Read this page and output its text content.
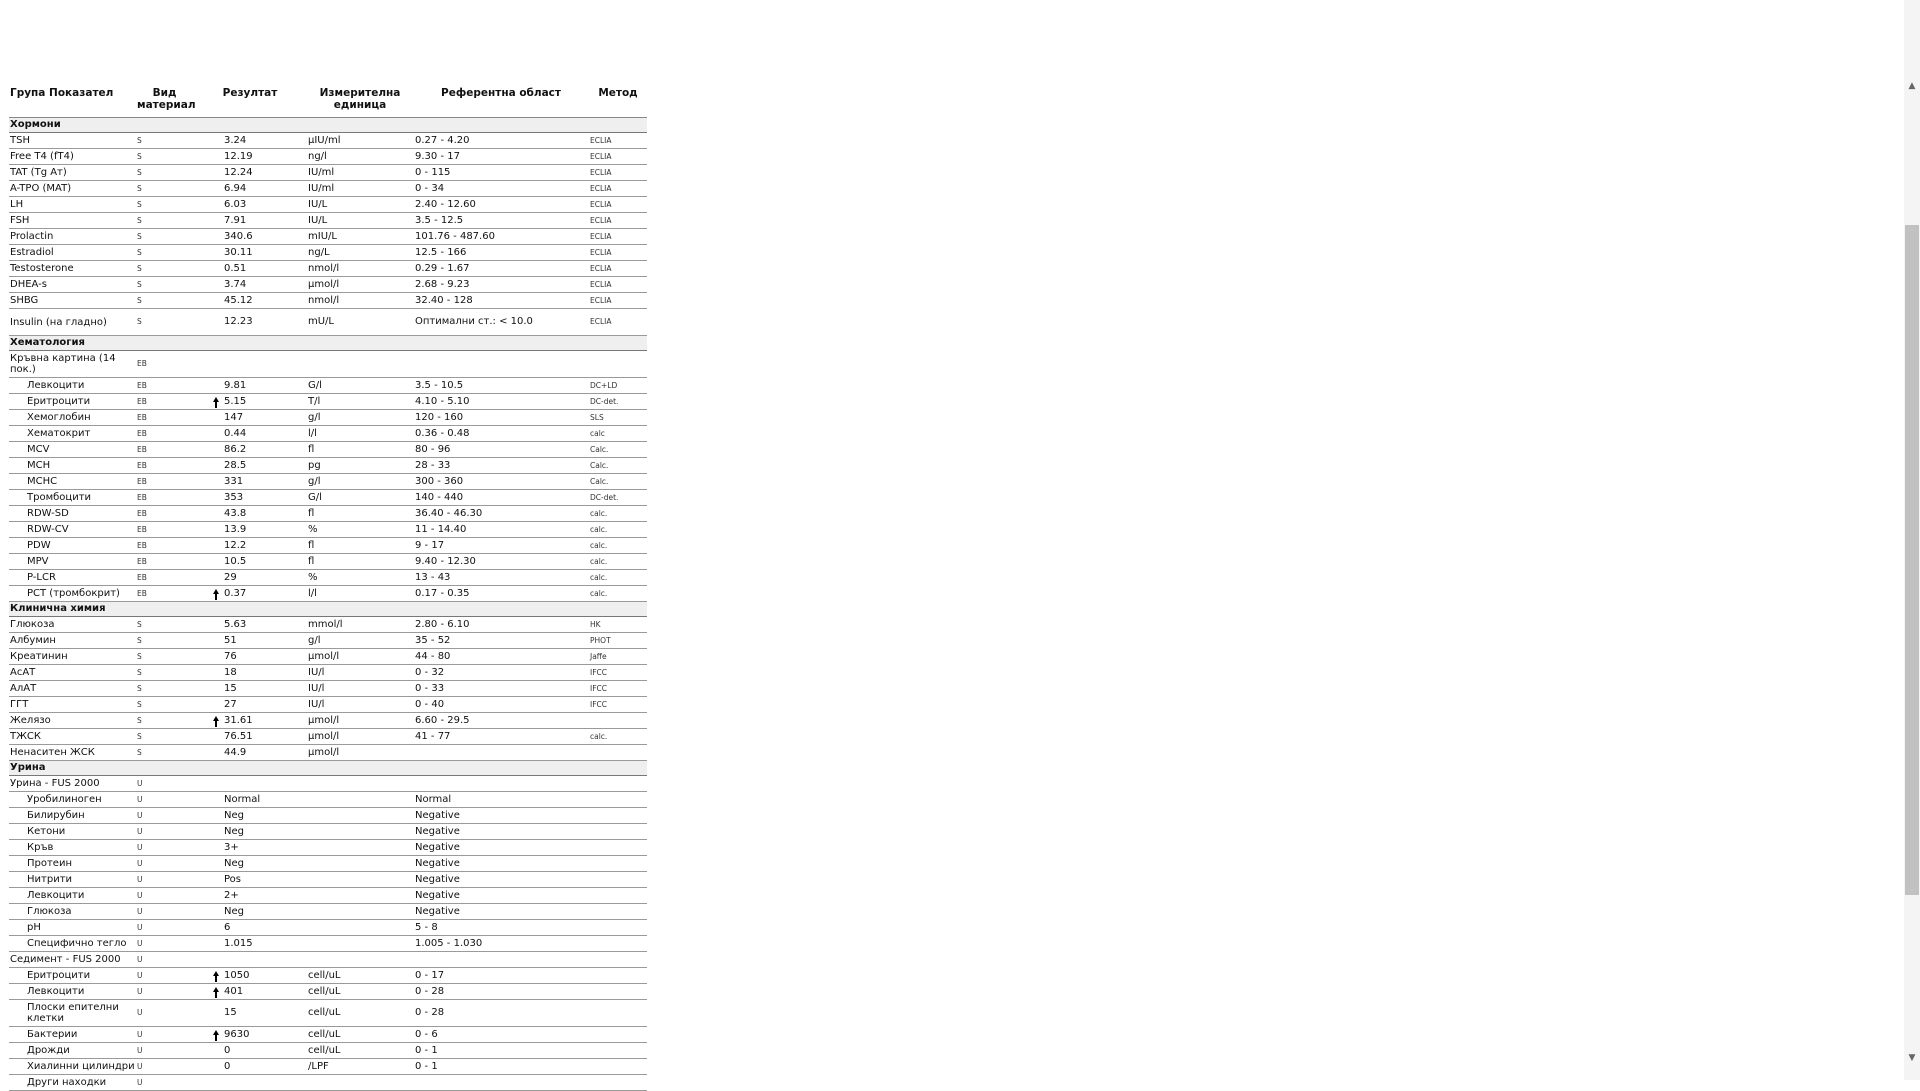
Група Показател	Вид материал	Резултат		Измерителна единица	Референтна област	Метод
Хормони						
TSH	S		3.24	µIU/ml	0.27 - 4.20	ECLIA
Free T4 (fT4)	S		12.19	ng/l	9.30 - 17	ECLIA
TAT (Tg Aт)	S		12.24	IU/ml	0 - 115	ECLIA
A-TPO (MAT)	S		6.94	IU/ml	0 - 34	ECLIA
LH	S		6.03	IU/L	2.40 - 12.60	ECLIA
FSH	S		7.91	IU/L	3.5 - 12.5	ECLIA
Prolactin	S		340.6	mIU/L	101.76 - 487.60	ECLIA
Estradiol	S		30.11	ng/L	12.5 - 166	ECLIA
Testosterone	S		0.51	nmol/l	0.29 - 1.67	ECLIA
DHEA-s	S		3.74	µmol/l	2.68 - 9.23	ECLIA
SHBG	S		45.12	nmol/l	32.40 - 128	ECLIA
Insulin (на гладно)	S		12.23	mU/L	Оптимални ст.: < 10.0	ECLIA
Хематология						
Кръвна картина (14 пок.)	EB					
Левкоцити	EB		9.81	G/l	3.5 - 10.5	DC+LD
Еритроцити	EB		5.15	T/l	4.10 - 5.10	DC-det.
Хемоглобин	EB		147	g/l	120 - 160	SLS
Хематокрит	EB		0.44	l/l	0.36 - 0.48	calc
MCV	EB		86.2	fl	80 - 96	Calc.
MCH	EB		28.5	pg	28 - 33	Calc.
MCHC	EB		331	g/l	300 - 360	Calc.
Тромбоцити	EB		353	G/l	140 - 440	DC-det.
RDW-SD	EB		43.8	fl	36.40 - 46.30	calc.
RDW-CV	EB		13.9	%	11 - 14.40	calc.
PDW	EB		12.2	fl	9 - 17	calc.
MPV	EB		10.5	fl	9.40 - 12.30	calc.
P-LCR	EB		29	%	13 - 43	calc.
PCT (тромбокрит)	EB		0.37	l/l	0.17 - 0.35	calc.
Клинична химия						
Глюкоза	S		5.63	mmol/l	2.80 - 6.10	HK
Албумин	S		51	g/l	35 - 52	PHOT
Креатинин	S		76	µmol/l	44 - 80	Jaffe
АсАТ	S		18	IU/l	0 - 32	IFCC
АлАТ	S		15	IU/l	0 - 33	IFCC
ГГТ	S		27	IU/l	0 - 40	IFCC
Желязо	S		31.61	µmol/l	6.60 - 29.5	
ТЖСК	S		76.51	µmol/l	41 - 77	calc.
Ненаситен ЖСК	S		44.9	µmol/l		
Урина						
Урина - FUS 2000	U					
Уробилиноген	U		Normal		Normal	
Билирубин	U		Neg		Negative	
Кетони	U		Neg		Negative	
Кръв	U		3+		Negative	
Протеин	U		Neg		Negative	
Нитрити	U		Pos		Negative	
Левкоцити	U		2+		Negative	
Глюкоза	U		Neg		Negative	
pH	U		6		5 - 8	
Специфично тегло	U		1.015		1.005 - 1.030	
Седимент - FUS 2000	U					
Еритроцити	U		1050	cell/uL	0 - 17	
Левкоцити	U		401	cell/uL	0 - 28	
Плоски епителни клетки	U		15	cell/uL	0 - 28	
Бактерии	U		9630	cell/uL	0 - 6	
Дрожди	U		0	cell/uL	0 - 1	
Хиалинни цилиндри	U		0	/LPF	0 - 1	
Други находки	U					
▲
▼
